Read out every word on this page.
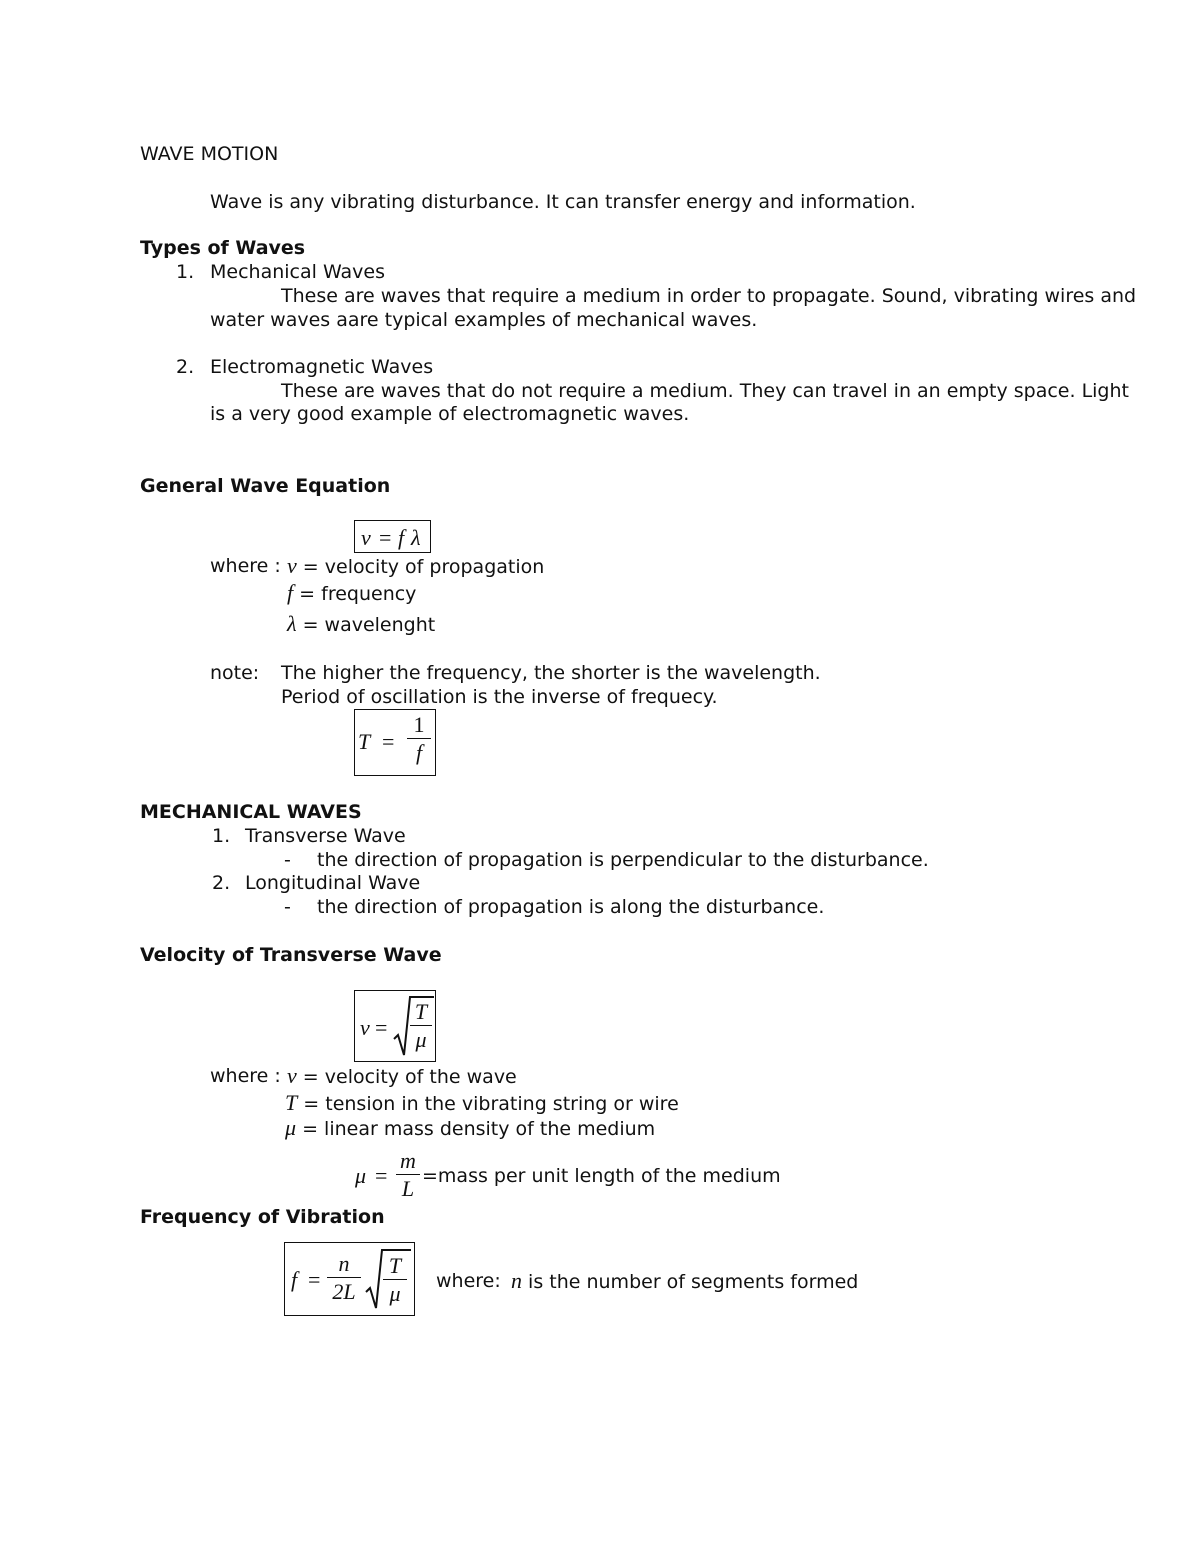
WAVE MOTION
Wave is any vibrating disturbance. It can transfer energy and information.
Types of Waves
1. Mechanical Waves
These are waves that require a medium in order to propagate. Sound, vibrating wires and
water waves aare typical examples of mechanical waves.
2. Electromagnetic Waves
These are waves that do not require a medium. They can travel in an empty space. Light
is a very good example of electromagnetic waves.
General Wave Equation
v = f λ
where : v = velocity of propagation
f = frequency
λ = wavelenght
note: The higher the frequency, the shorter is the wavelength.
Period of oscillation is the inverse of frequecy.
$T = \frac{1}{f}$
MECHANICAL WAVES
1. Transverse Wave
- the direction of propagation is perpendicular to the disturbance.
2. Longitudinal Wave
- the direction of propagation is along the disturbance.
Velocity of Transverse Wave
$v = \frac{T}{\mu}$
where : v = velocity of the wave
T = tension in the vibrating string or wire
μ = linear mass density of the medium
$\mu = \frac{m}{L}$ =mass per unit length of the medium
Frequency of Vibration
$f = \frac{n}{2L} \frac{T}{\mu}$ where: n is the number of segments formed
